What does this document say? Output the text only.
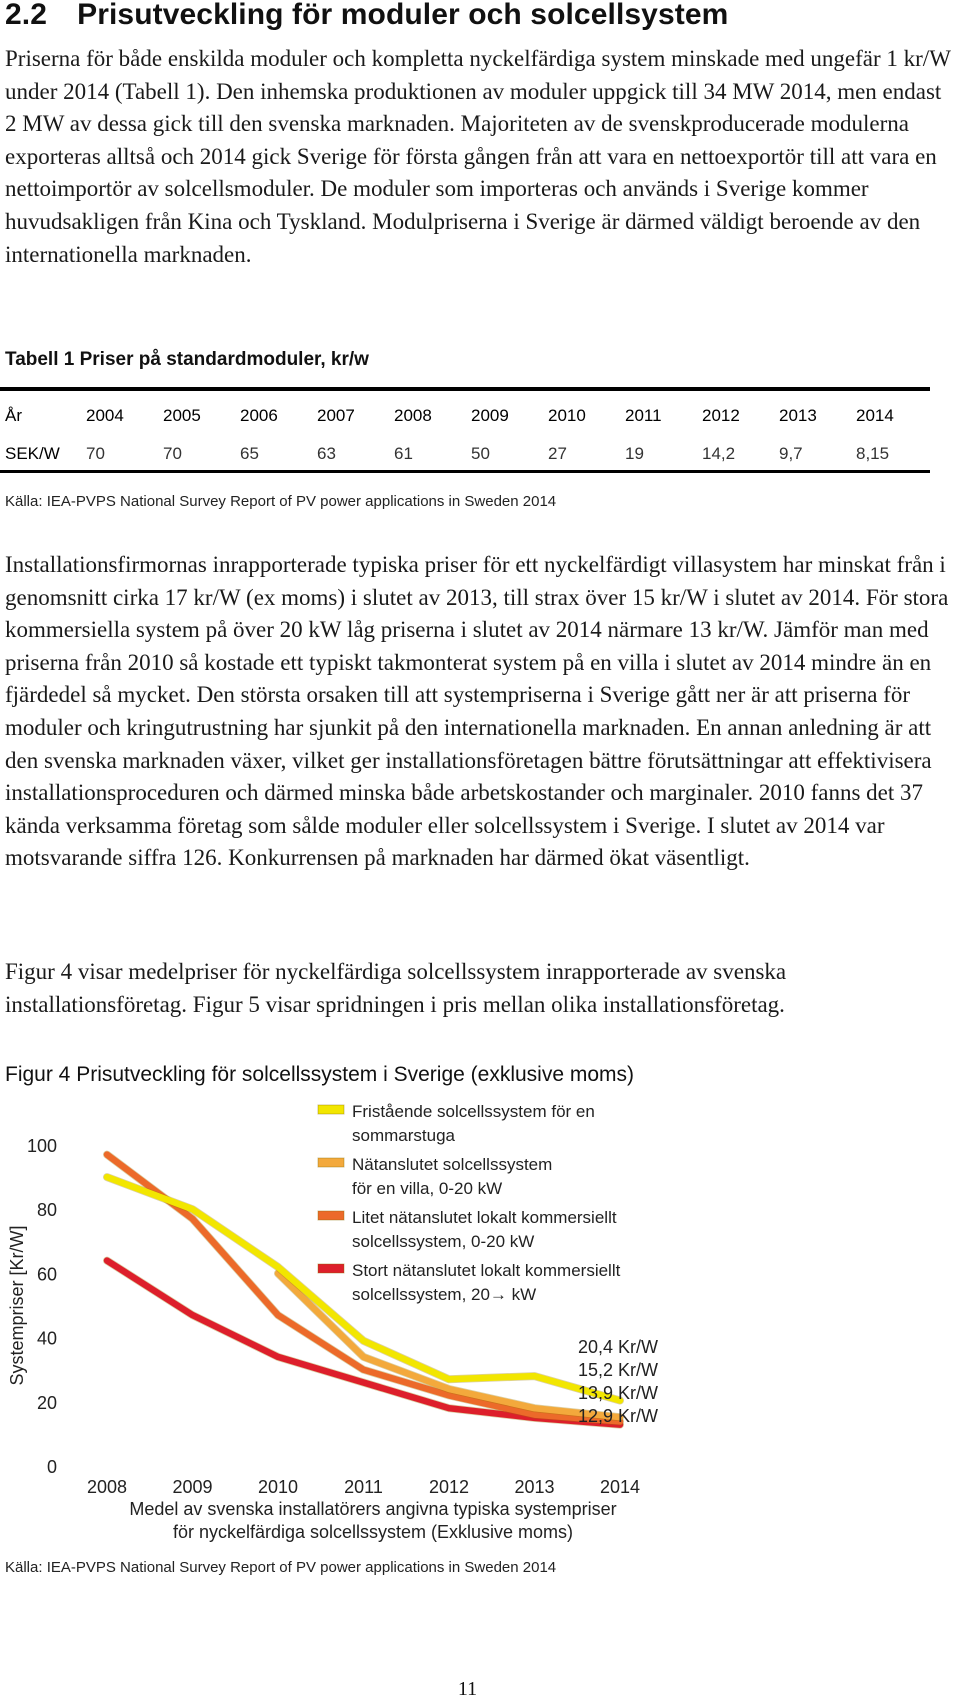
2.2 Prisutveckling för moduler och solcellsystem

Priserna för både enskilda moduler och kompletta nyckelfärdiga system minskade med ungefär 1 kr/W under 2014 (Tabell 1). Den inhemska produktionen av moduler uppgick till 34 MW 2014, men endast 2 MW av dessa gick till den svenska marknaden. Majoriteten av de svenskproducerade modulerna exporteras alltså och 2014 gick Sverige för första gången från att vara en nettoexportör till att vara en nettoimportör av solcellsmoduler. De moduler som importeras och används i Sverige kommer huvudsakligen från Kina och Tyskland. Modulpriserna i Sverige är därmed väldigt beroende av den internationella marknaden.

Tabell 1 Priser på standardmoduler, kr/w

År	2004	2005	2006	2007	2008	2009	2010	2011	2012	2013	2014
SEK/W	70	70	65	63	61	50	27	19	14,2	9,7	8,15

Källa: IEA-PVPS National Survey Report of PV power applications in Sweden 2014

Installationsfirmornas inrapporterade typiska priser för ett nyckelfärdigt villasystem har minskat från i genomsnitt cirka 17 kr/W (ex moms) i slutet av 2013, till strax över 15 kr/W i slutet av 2014. För stora kommersiella system på över 20 kW låg priserna i slutet av 2014 närmare 13 kr/W. Jämför man med priserna från 2010 så kostade ett typiskt takmonterat system på en villa i slutet av 2014 mindre än en fjärdedel så mycket. Den största orsaken till att systempriserna i Sverige gått ner är att priserna för moduler och kringutrustning har sjunkit på den internationella marknaden. En annan anledning är att den svenska marknaden växer, vilket ger installationsföretagen bättre förutsättningar att effektivisera installationsproceduren och därmed minska både arbetskostander och marginaler. 2010 fanns det 37 kända verksamma företag som sålde moduler eller solcellssystem i Sverige. I slutet av 2014 var motsvarande siffra 126. Konkurrensen på marknaden har därmed ökat väsentligt.

Figur 4 visar medelpriser för nyckelfärdiga solcellssystem inrapporterade av svenska installationsföretag. Figur 5 visar spridningen i pris mellan olika installationsföretag.

Figur 4 Prisutveckling för solcellssystem i Sverige (exklusive moms)

0
20
40
60
80
100
2008	2009	2010	2011	2012	2013	2014
Systempriser [Kr/W]
Medel av svenska installatörers angivna typiska systempriser
för nyckelfärdiga solcellssystem (Exklusive moms)
Fristående solcellssystem för en
sommarstuga
Nätanslutet solcellssystem
för en villa, 0-20 kW
Litet nätanslutet lokalt kommersiellt
solcellssystem, 0-20 kW
Stort nätanslutet lokalt kommersiellt
solcellssystem, 20→ kW
20,4 Kr/W
15,2 Kr/W
13,9 Kr/W
12,9 Kr/W

Källa: IEA-PVPS National Survey Report of PV power applications in Sweden 2014

11
